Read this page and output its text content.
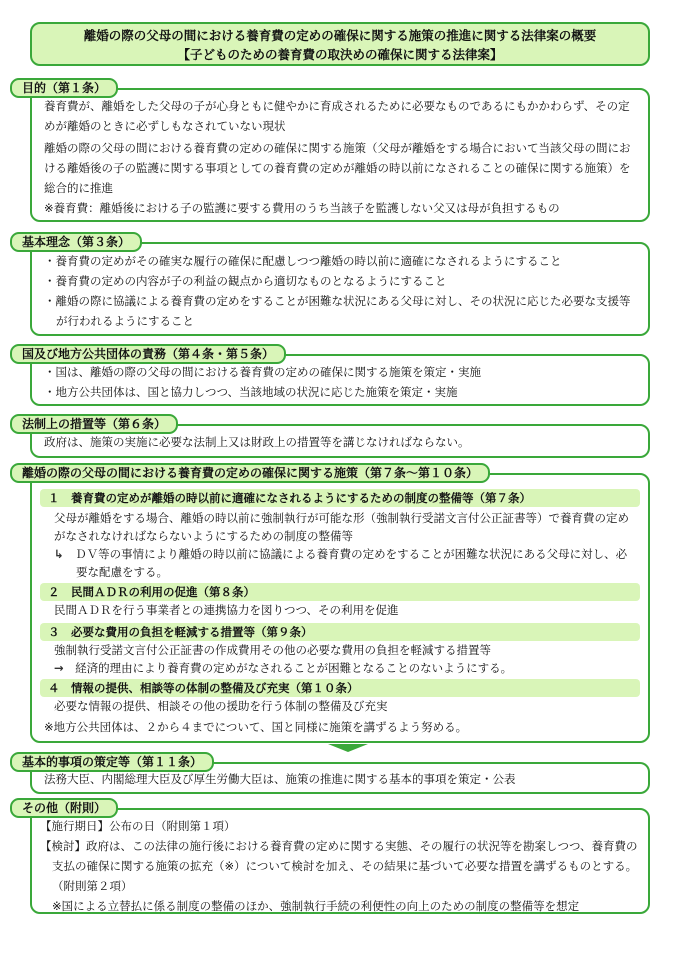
離婚の際の父母の間における養育費の定めの確保に関する施策の推進に関する法律案の概要
【子どものための養育費の取決めの確保に関する法律案】
目的（第１条）

養育費が、離婚をした父母の子が心身ともに健やかに育成されるために必要なものであるにもかかわらず、その定めが離婚のときに必ずしもなされていない現状

離婚の際の父母の間における養育費の定めの確保に関する施策（父母が離婚をする場合において当該父母の間における離婚後の子の監護に関する事項としての養育費の定めが離婚の時以前になされることの確保に関する施策）を総合的に推進

※養育費：離婚後における子の監護に要する費用のうち当該子を監護しない父又は母が負担するもの

基本理念（第３条）

・養育費の定めがその確実な履行の確保に配慮しつつ離婚の時以前に適確になされるようにすること

・養育費の定めの内容が子の利益の観点から適切なものとなるようにすること

・離婚の際に協議による養育費の定めをすることが困難な状況にある父母に対し、その状況に応じた必要な支援等が行われるようにすること

国及び地方公共団体の責務（第４条・第５条）

・国は、離婚の際の父母の間における養育費の定めの確保に関する施策を策定・実施

・地方公共団体は、国と協力しつつ、当該地域の状況に応じた施策を策定・実施

法制上の措置等（第６条）

政府は、施策の実施に必要な法制上又は財政上の措置等を講じなければならない。

離婚の際の父母の間における養育費の定めの確保に関する施策（第７条～第１０条）
１　養育費の定めが離婚の時以前に適確になされるようにするための制度の整備等（第７条）

父母が離婚をする場合、離婚の時以前に強制執行が可能な形（強制執行受諾文言付公正証書等）で養育費の定めがなされなければならないようにするための制度の整備等

↳　 ＤＶ等の事情により離婚の時以前に協議による養育費の定めをすることが困難な状況にある父母に対し、必要な配慮をする。

２　民間ＡＤＲの利用の促進（第８条）

民間ＡＤＲを行う事業者との連携協力を図りつつ、その利用を促進

３　必要な費用の負担を軽減する措置等（第９条）

強制執行受諾文言付公正証書の作成費用その他の必要な費用の負担を軽減する措置等

→　 経済的理由により養育費の定めがなされることが困難となることのないようにする。

４　情報の提供、相談等の体制の整備及び充実（第１０条）

必要な情報の提供、相談その他の援助を行う体制の整備及び充実

※地方公共団体は、２から４までについて、国と同様に施策を講ずるよう努める。

基本的事項の策定等（第１１条）

法務大臣、内閣総理大臣及び厚生労働大臣は、施策の推進に関する基本的事項を策定・公表

その他（附則）

【施行期日】公布の日（附則第１項）

【検討】政府は、この法律の施行後における養育費の定めに関する実態、その履行の状況等を勘案しつつ、養育費の支払の確保に関する施策の拡充（※）について検討を加え、その結果に基づいて必要な措置を講ずるものとする。（附則第２項）

※国による立替払に係る制度の整備のほか、強制執行手続の利便性の向上のための制度の整備等を想定
